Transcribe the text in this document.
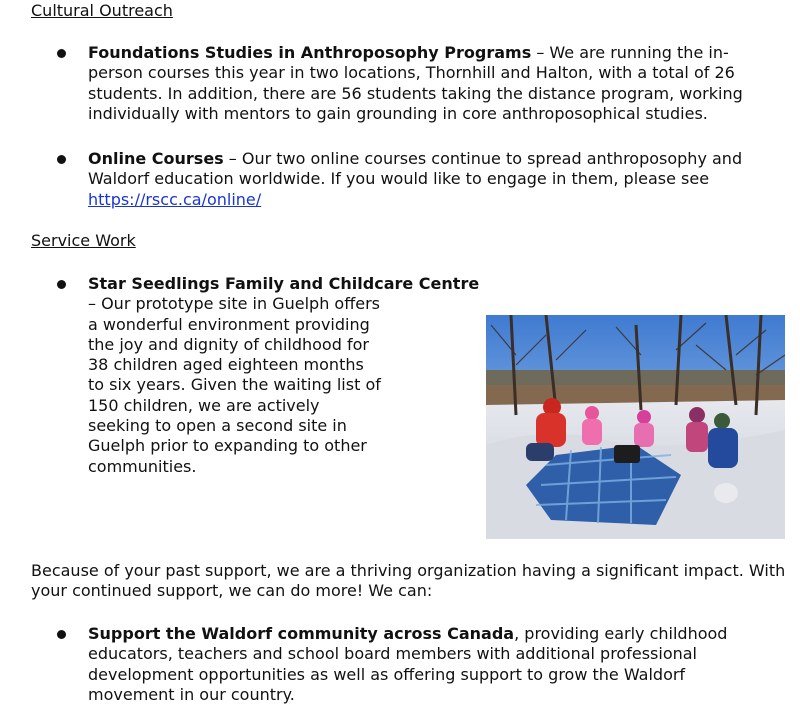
Cultural Outreach

Foundations Studies in Anthroposophy Programs – We are running the in-person courses this year in two locations, Thornhill and Halton, with a total of 26 students. In addition, there are 56 students taking the distance program, working individually with mentors to gain grounding in core anthroposophical studies.

Online Courses – Our two online courses continue to spread anthroposophy and Waldorf education worldwide. If you would like to engage in them, please see https://rscc.ca/online/

Service Work

Star Seedlings Family and Childcare Centre – Our prototype site in Guelph offers a wonderful environment providing the joy and dignity of childhood for 38 children aged eighteen months to six years. Given the waiting list of 150 children, we are actively seeking to open a second site in Guelph prior to expanding to other communities.

Because of your past support, we are a thriving organization having a significant impact. With your continued support, we can do more! We can:

Support the Waldorf community across Canada, providing early childhood educators, teachers and school board members with additional professional development opportunities as well as offering support to grow the Waldorf movement in our country.
